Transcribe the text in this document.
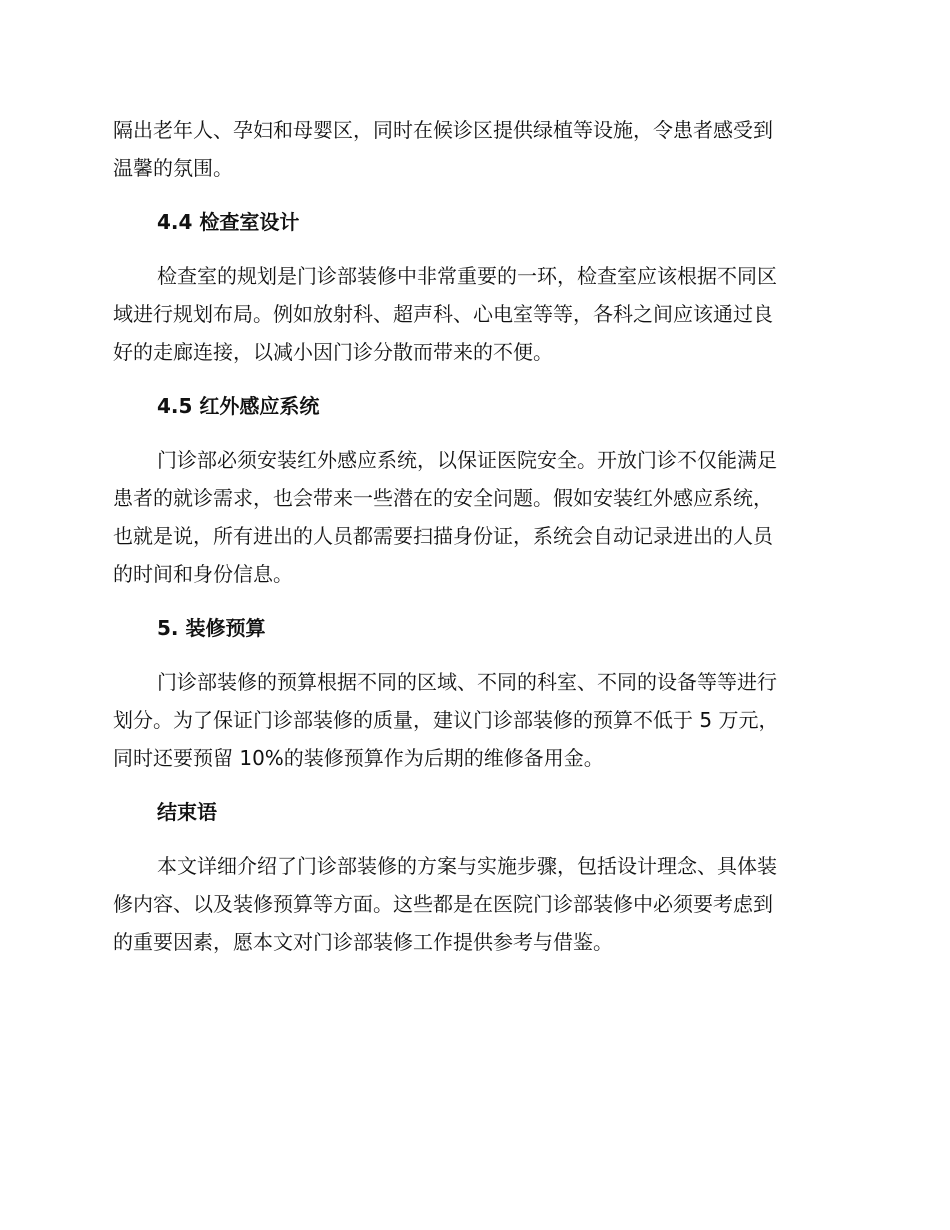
隔出老年人、孕妇和母婴区，同时在候诊区提供绿植等设施，令患者感受到
温馨的氛围。

4.4 检查室设计

检查室的规划是门诊部装修中非常重要的一环，检查室应该根据不同区
域进行规划布局。例如放射科、超声科、心电室等等，各科之间应该通过良
好的走廊连接，以减小因门诊分散而带来的不便。

4.5 红外感应系统

门诊部必须安装红外感应系统，以保证医院安全。开放门诊不仅能满足
患者的就诊需求，也会带来一些潜在的安全问题。假如安装红外感应系统，
也就是说，所有进出的人员都需要扫描身份证，系统会自动记录进出的人员
的时间和身份信息。

5. 装修预算

门诊部装修的预算根据不同的区域、不同的科室、不同的设备等等进行
划分。为了保证门诊部装修的质量，建议门诊部装修的预算不低于 5 万元，
同时还要预留 10%的装修预算作为后期的维修备用金。

结束语

本文详细介绍了门诊部装修的方案与实施步骤，包括设计理念、具体装
修内容、以及装修预算等方面。这些都是在医院门诊部装修中必须要考虑到
的重要因素，愿本文对门诊部装修工作提供参考与借鉴。
